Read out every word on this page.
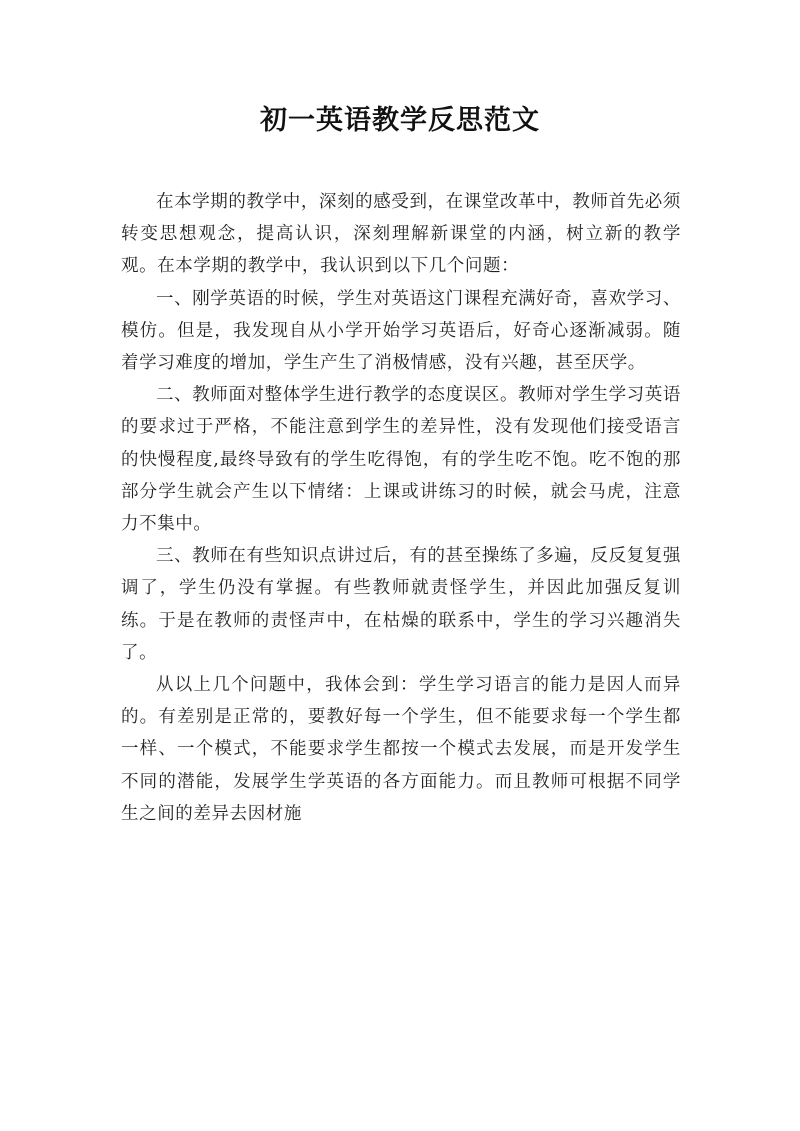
初一英语教学反思范文

在本学期的教学中，深刻的感受到，在课堂改革中，教师首先必须转变思想观念，提高认识，深刻理解新课堂的内涵，树立新的教学观。在本学期的教学中，我认识到以下几个问题：

一、刚学英语的时候，学生对英语这门课程充满好奇，喜欢学习、模仿。但是，我发现自从小学开始学习英语后，好奇心逐渐减弱。随着学习难度的增加，学生产生了消极情感，没有兴趣，甚至厌学。

二、教师面对整体学生进行教学的态度误区。教师对学生学习英语的要求过于严格，不能注意到学生的差异性，没有发现他们接受语言的快慢程度,最终导致有的学生吃得饱，有的学生吃不饱。吃不饱的那部分学生就会产生以下情绪：上课或讲练习的时候，就会马虎，注意力不集中。

三、教师在有些知识点讲过后，有的甚至操练了多遍，反反复复强调了，学生仍没有掌握。有些教师就责怪学生，并因此加强反复训练。于是在教师的责怪声中，在枯燥的联系中，学生的学习兴趣消失了。

从以上几个问题中，我体会到：学生学习语言的能力是因人而异的。有差别是正常的，要教好每一个学生，但不能要求每一个学生都一样、一个模式，不能要求学生都按一个模式去发展，而是开发学生不同的潜能，发展学生学英语的各方面能力。而且教师可根据不同学生之间的差异去因材施
